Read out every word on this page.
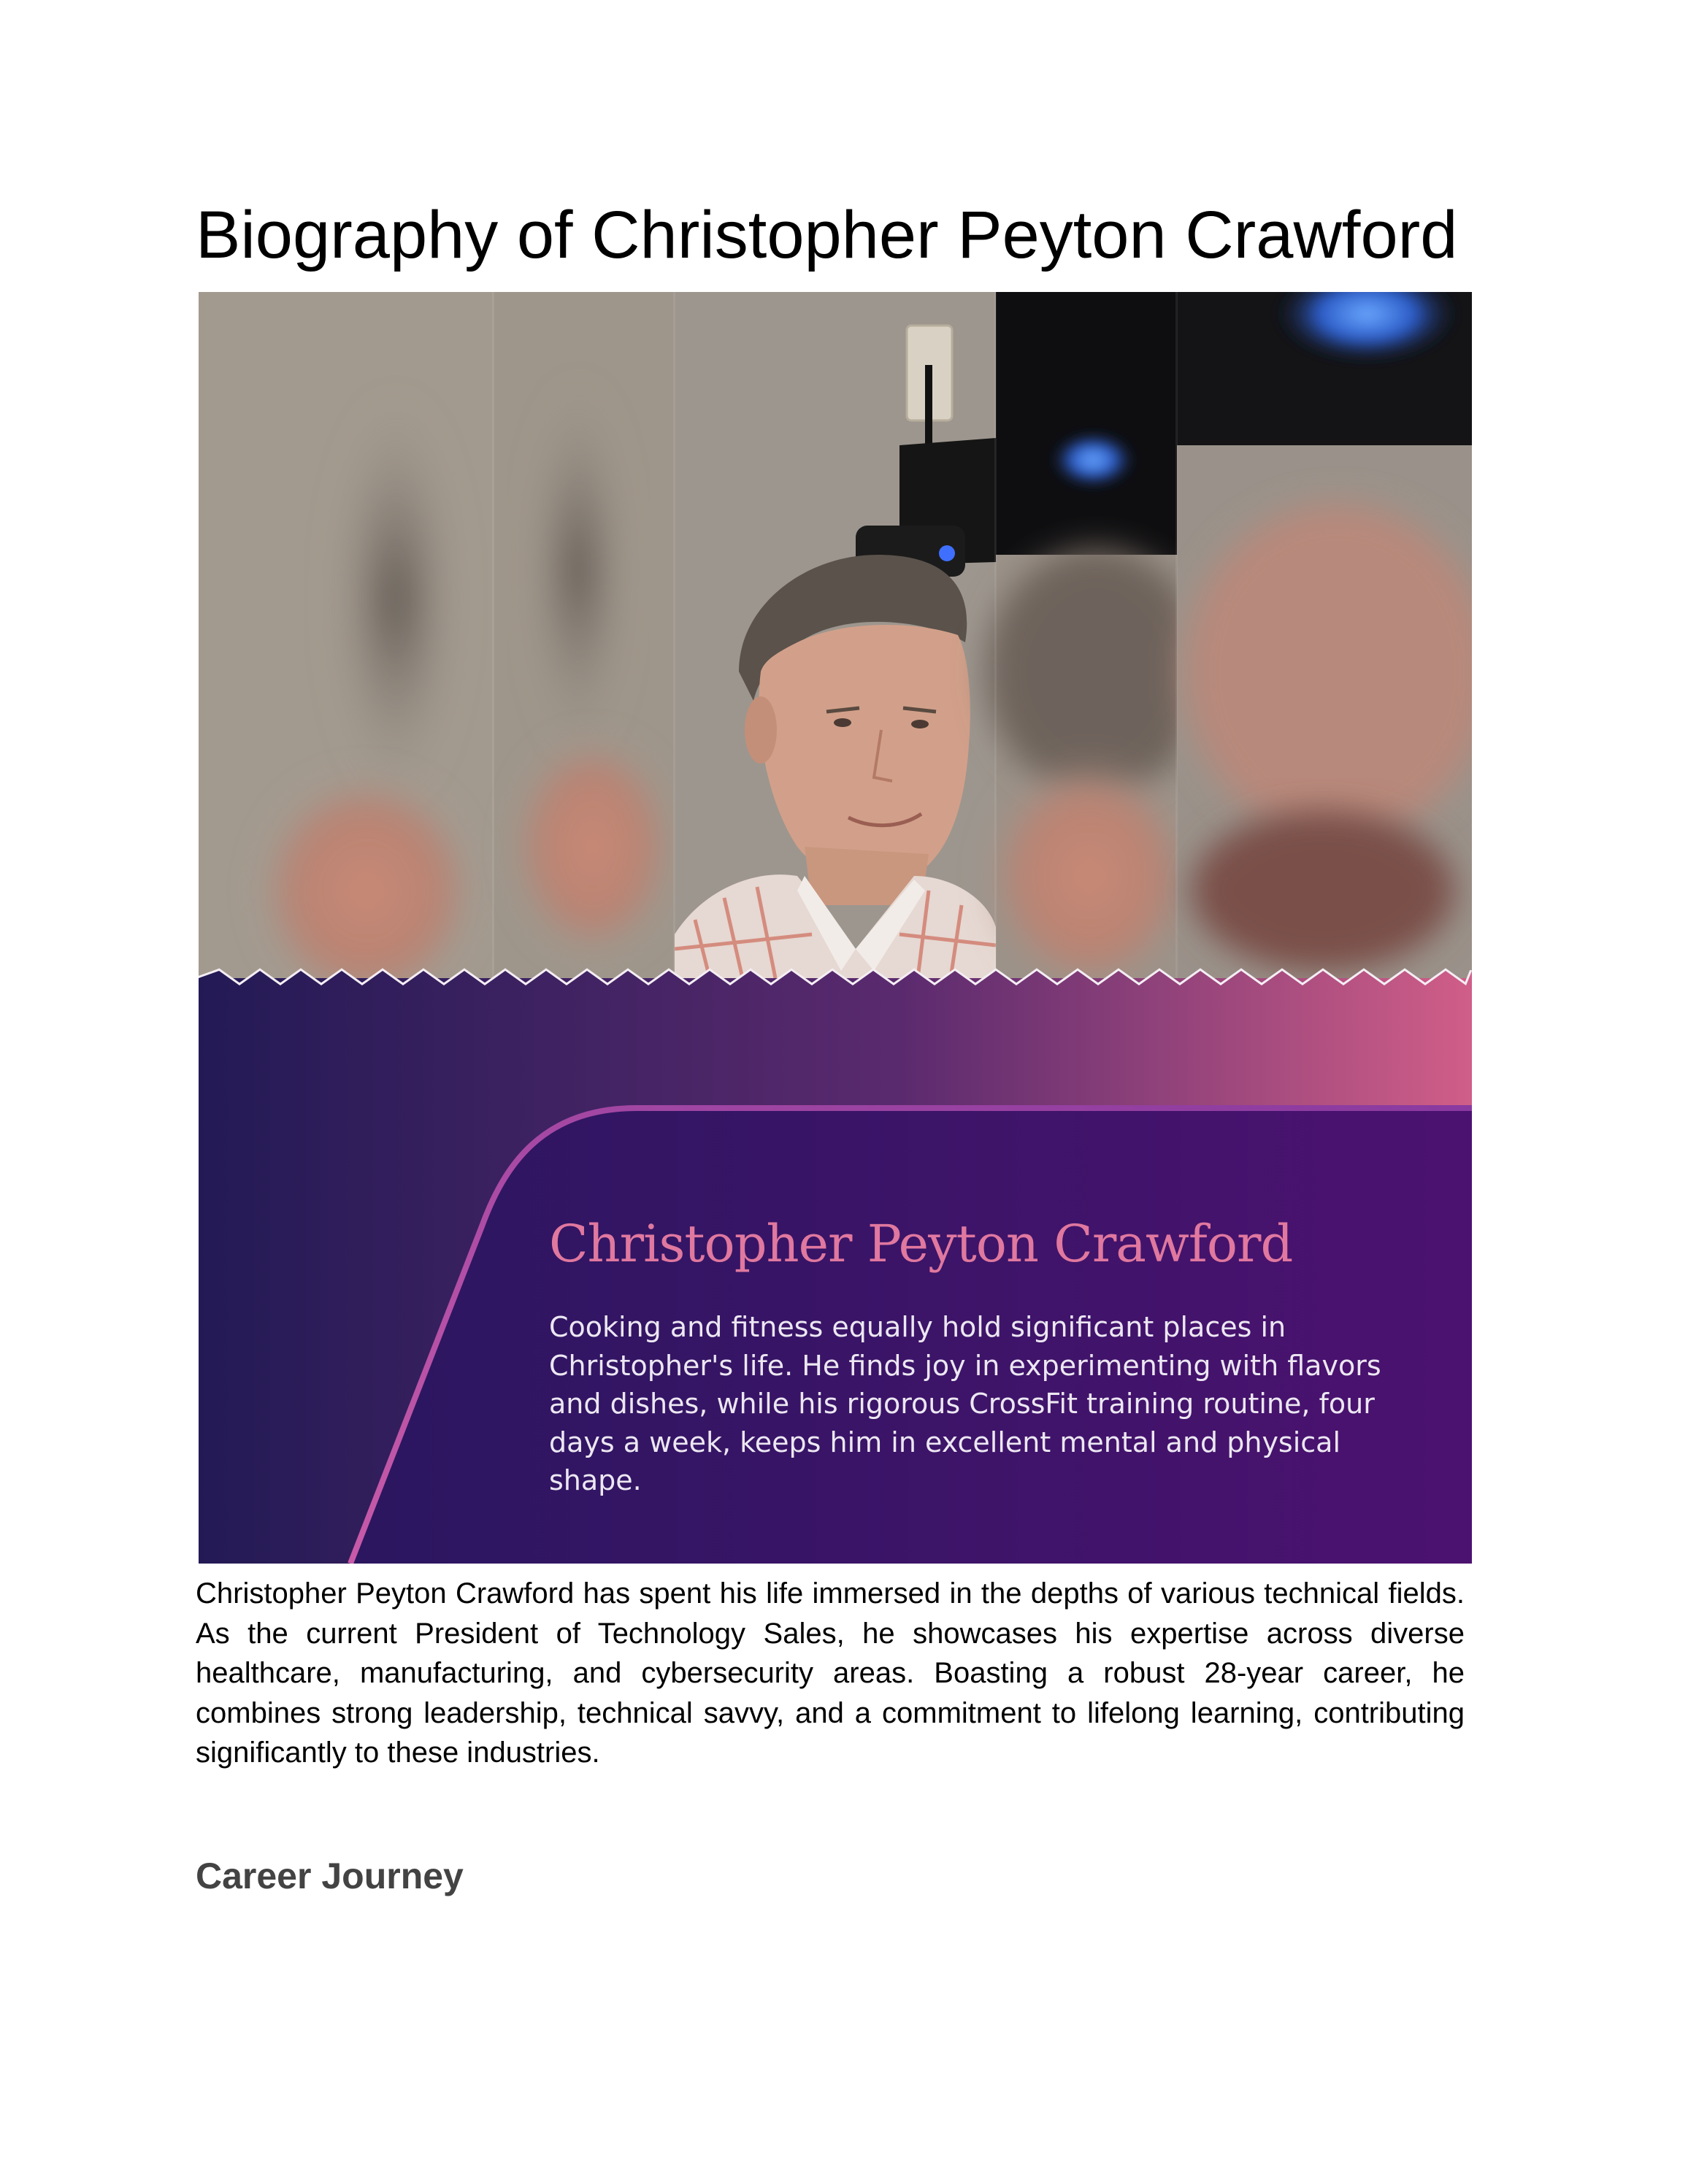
Biography of Christopher Peyton Crawford
Christopher Peyton Crawford

Cooking and fitness equally hold significant places in Christopher's life. He finds joy in experimenting with flavors and dishes, while his rigorous CrossFit training routine, four days a week, keeps him in excellent mental and physical shape.

Christopher Peyton Crawford has spent his life immersed in the depths of various technical fields. As the current President of Technology Sales, he showcases his expertise across diverse healthcare, manufacturing, and cybersecurity areas. Boasting a robust 28-year career, he combines strong leadership, technical savvy, and a commitment to lifelong learning, contributing significantly to these industries.

Career Journey
